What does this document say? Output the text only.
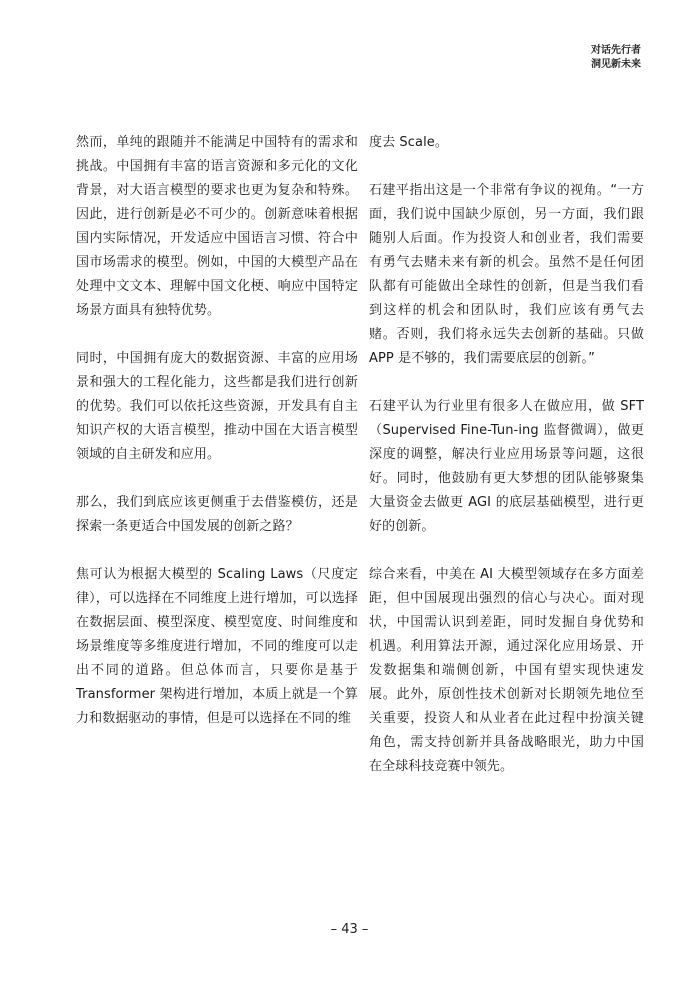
对话先行者
洞见新未来

然而，单纯的跟随并不能满足中国特有的需求和挑战。中国拥有丰富的语言资源和多元化的文化背景，对大语言模型的要求也更为复杂和特殊。因此，进行创新是必不可少的。创新意味着根据国内实际情况，开发适应中国语言习惯、符合中国市场需求的模型。例如，中国的大模型产品在处理中文文本、理解中国文化梗、响应中国特定场景方面具有独特优势。

同时，中国拥有庞大的数据资源、丰富的应用场景和强大的工程化能力，这些都是我们进行创新的优势。我们可以依托这些资源，开发具有自主知识产权的大语言模型，推动中国在大语言模型领域的自主研发和应用。

那么，我们到底应该更侧重于去借鉴模仿，还是探索一条更适合中国发展的创新之路？

焦可认为根据大模型的 Scaling Laws（尺度定律），可以选择在不同维度上进行增加，可以选择在数据层面、模型深度、模型宽度、时间维度和场景维度等多维度进行增加，不同的维度可以走出不同的道路。但总体而言，只要你是基于 Transformer 架构进行增加，本质上就是一个算力和数据驱动的事情，但是可以选择在不同的维

度去 Scale。

石建平指出这是一个非常有争议的视角。“一方面，我们说中国缺少原创，另一方面，我们跟随别人后面。作为投资人和创业者，我们需要有勇气去赌未来有新的机会。虽然不是任何团队都有可能做出全球性的创新，但是当我们看到这样的机会和团队时，我们应该有勇气去赌。否则，我们将永远失去创新的基础。只做 APP 是不够的，我们需要底层的创新。”

石建平认为行业里有很多人在做应用，做 SFT（Supervised Fine-Tun-ing 监督微调），做更深度的调整，解决行业应用场景等问题，这很好。同时，他鼓励有更大梦想的团队能够聚集大量资金去做更 AGI 的底层基础模型，进行更好的创新。

综合来看，中美在 AI 大模型领域存在多方面差距，但中国展现出强烈的信心与决心。面对现状，中国需认识到差距，同时发掘自身优势和机遇。利用算法开源，通过深化应用场景、开发数据集和端侧创新，中国有望实现快速发展。此外，原创性技术创新对长期领先地位至关重要，投资人和从业者在此过程中扮演关键角色，需支持创新并具备战略眼光，助力中国在全球科技竞赛中领先。

– 43 –
